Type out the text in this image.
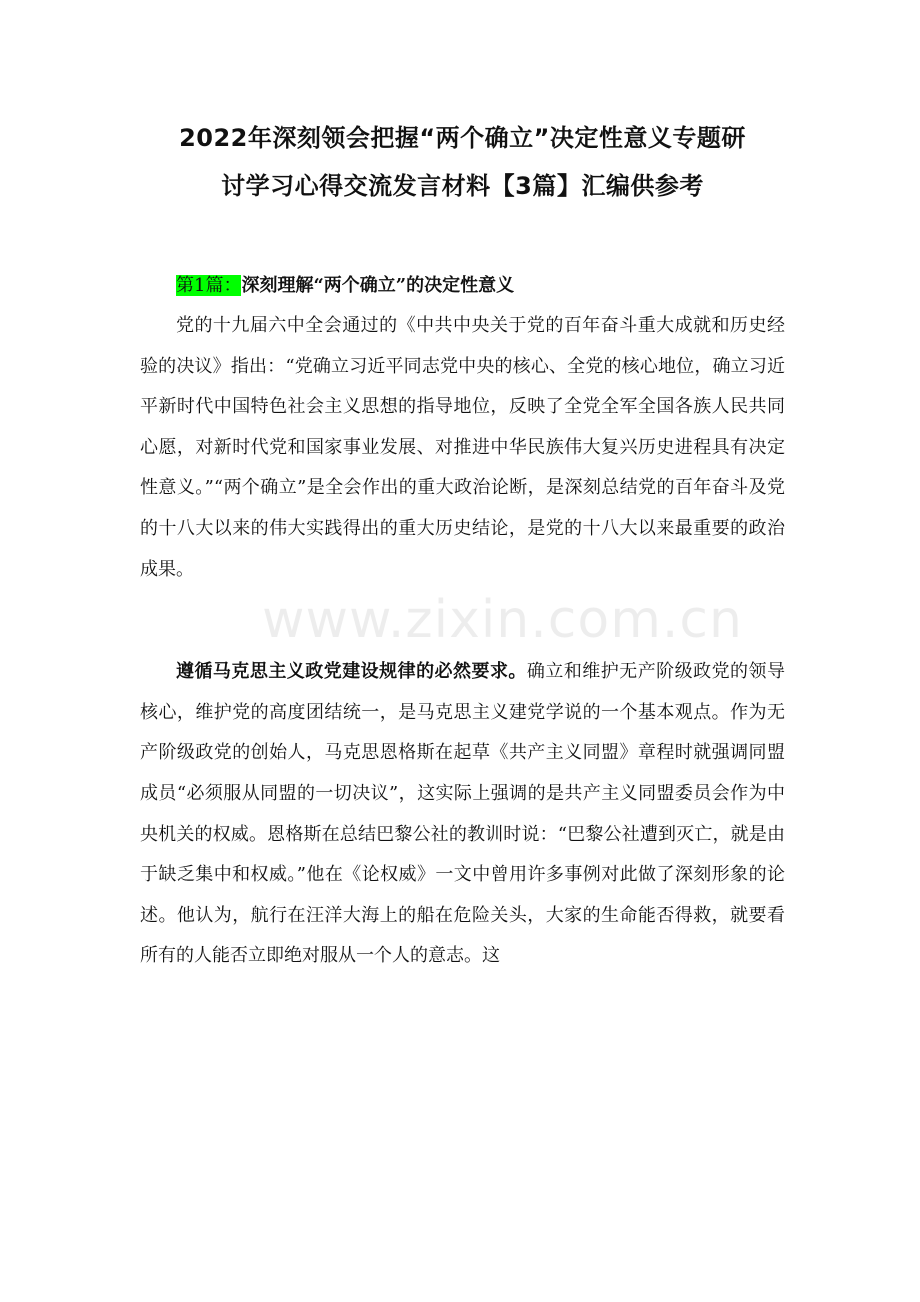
2022年深刻领会把握“两个确立”决定性意义专题研
讨学习心得交流发言材料【3篇】汇编供参考

第1篇：深刻理解“两个确立”的决定性意义

党的十九届六中全会通过的《中共中央关于党的百年奋斗重大成就和历史经验的决议》指出：“党确立习近平同志党中央的核心、全党的核心地位，确立习近平新时代中国特色社会主义思想的指导地位，反映了全党全军全国各族人民共同心愿，对新时代党和国家事业发展、对推进中华民族伟大复兴历史进程具有决定性意义。”“两个确立”是全会作出的重大政治论断，是深刻总结党的百年奋斗及党的十八大以来的伟大实践得出的重大历史结论，是党的十八大以来最重要的政治成果。

遵循马克思主义政党建设规律的必然要求。确立和维护无产阶级政党的领导核心，维护党的高度团结统一，是马克思主义建党学说的一个基本观点。作为无产阶级政党的创始人，马克思恩格斯在起草《共产主义同盟》章程时就强调同盟成员“必须服从同盟的一切决议”，这实际上强调的是共产主义同盟委员会作为中央机关的权威。恩格斯在总结巴黎公社的教训时说：“巴黎公社遭到灭亡，就是由于缺乏集中和权威。”他在《论权威》一文中曾用许多事例对此做了深刻形象的论述。他认为，航行在汪洋大海上的船在危险关头，大家的生命能否得救，就要看所有的人能否立即绝对服从一个人的意志。这

www.zixin.com.cn
